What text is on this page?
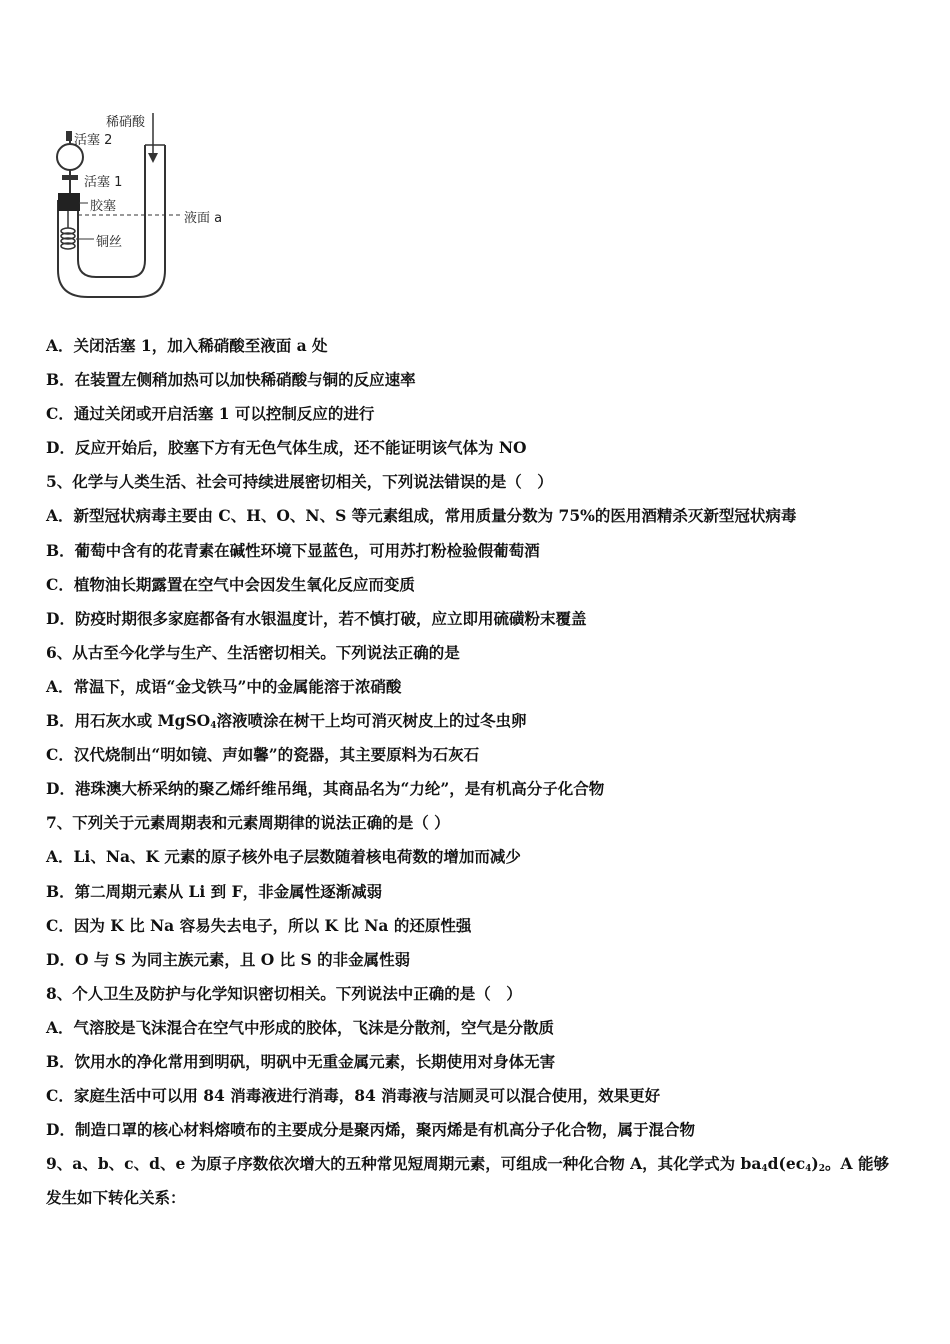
稀硝酸
活塞 2
活塞 1
胶塞
液面 a
铜丝
A．关闭活塞 1，加入稀硝酸至液面 a 处
B．在装置左侧稍加热可以加快稀硝酸与铜的反应速率
C．通过关闭或开启活塞 1 可以控制反应的进行
D．反应开始后，胶塞下方有无色气体生成，还不能证明该气体为 NO
5、化学与人类生活、社会可持续进展密切相关，下列说法错误的是（　）
A．新型冠状病毒主要由 C、H、O、N、S 等元素组成，常用质量分数为 75%的医用酒精杀灭新型冠状病毒
B．葡萄中含有的花青素在碱性环境下显蓝色，可用苏打粉检验假葡萄酒
C．植物油长期露置在空气中会因发生氧化反应而变质
D．防疫时期很多家庭都备有水银温度计，若不慎打破，应立即用硫磺粉末覆盖
6、从古至今化学与生产、生活密切相关。下列说法正确的是
A．常温下，成语“金戈铁马”中的金属能溶于浓硝酸
B．用石灰水或 MgSO4溶液喷涂在树干上均可消灭树皮上的过冬虫卵
C．汉代烧制出“明如镜、声如馨”的瓷器，其主要原料为石灰石
D．港珠澳大桥采纳的聚乙烯纤维吊绳，其商品名为“力纶”，是有机高分子化合物
7、下列关于元素周期表和元素周期律的说法正确的是（ ）
A．Li、Na、K 元素的原子核外电子层数随着核电荷数的增加而减少
B．第二周期元素从 Li 到 F，非金属性逐渐减弱
C．因为 K 比 Na 容易失去电子，所以 K 比 Na 的还原性强
D．O 与 S 为同主族元素，且 O 比 S 的非金属性弱
8、个人卫生及防护与化学知识密切相关。下列说法中正确的是（　）
A．气溶胶是飞沫混合在空气中形成的胶体，飞沫是分散剂，空气是分散质
B．饮用水的净化常用到明矾，明矾中无重金属元素，长期使用对身体无害
C．家庭生活中可以用 84 消毒液进行消毒，84 消毒液与洁厕灵可以混合使用，效果更好
D．制造口罩的核心材料熔喷布的主要成分是聚丙烯，聚丙烯是有机高分子化合物，属于混合物
9、a、b、c、d、e 为原子序数依次增大的五种常见短周期元素，可组成一种化合物 A，其化学式为 ba4d(ec4)2。A 能够
发生如下转化关系：
